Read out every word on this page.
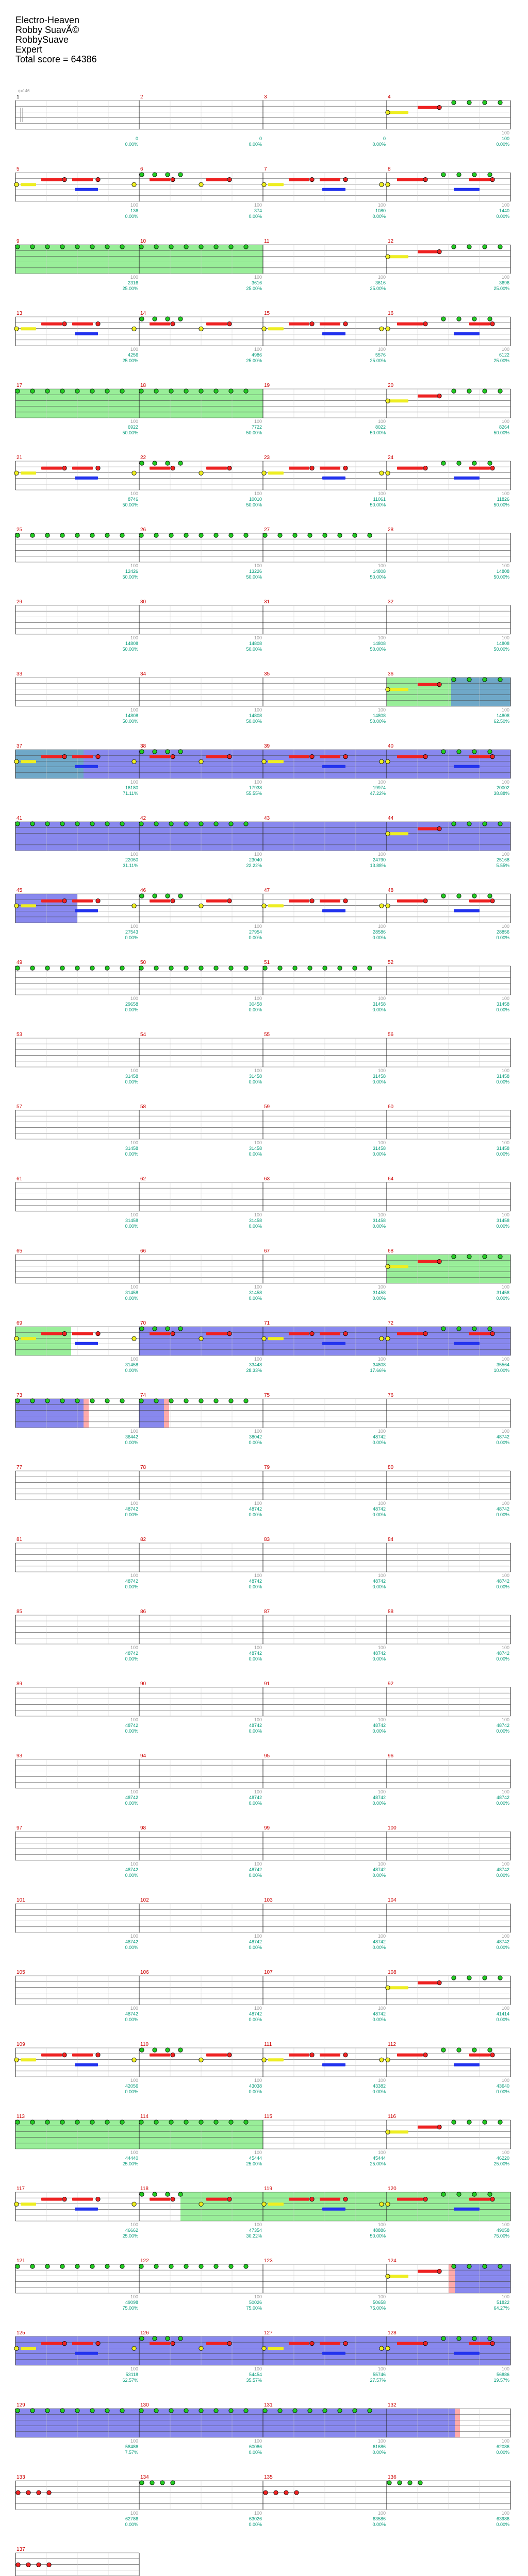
Electro-Heaven
Robby SuavÃ©
RobbySuave
Expert
Total score = 64386
q=146
1
0
0.00%
2
0
0.00%
3
0
0.00%
4
100
100
0.00%
5
100
136
0.00%
6
100
374
0.00%
7
100
1080
0.00%
8
100
1440
0.00%
9
100
2316
25.00%
10
100
3616
25.00%
11
100
3616
25.00%
12
100
3696
25.00%
13
100
4256
25.00%
14
100
4986
25.00%
15
100
5576
25.00%
16
100
6122
25.00%
17
100
6922
50.00%
18
100
7722
50.00%
19
100
8022
50.00%
20
100
8264
50.00%
21
100
8746
50.00%
22
100
10010
50.00%
23
100
11061
50.00%
24
100
11826
50.00%
25
100
12426
50.00%
26
100
13226
50.00%
27
100
14808
50.00%
28
100
14808
50.00%
29
100
14808
50.00%
30
100
14808
50.00%
31
100
14808
50.00%
32
100
14808
50.00%
33
100
14808
50.00%
34
100
14808
50.00%
35
100
14808
50.00%
36
100
14808
62.50%
37
100
16180
71.11%
38
100
17938
55.55%
39
100
19974
47.22%
40
100
20002
38.88%
41
100
22060
31.11%
42
100
23040
22.22%
43
100
24790
13.88%
44
100
25168
5.55%
45
100
27543
0.00%
46
100
27954
0.00%
47
100
28586
0.00%
48
100
28856
0.00%
49
100
29658
0.00%
50
100
30458
0.00%
51
100
31458
0.00%
52
100
31458
0.00%
53
100
31458
0.00%
54
100
31458
0.00%
55
100
31458
0.00%
56
100
31458
0.00%
57
100
31458
0.00%
58
100
31458
0.00%
59
100
31458
0.00%
60
100
31458
0.00%
61
100
31458
0.00%
62
100
31458
0.00%
63
100
31458
0.00%
64
100
31458
0.00%
65
100
31458
0.00%
66
100
31458
0.00%
67
100
31458
0.00%
68
100
31458
0.00%
69
100
31458
0.00%
70
100
33448
28.33%
71
100
34808
17.66%
72
100
35564
10.00%
73
100
36442
0.00%
74
100
38042
0.00%
75
100
48742
0.00%
76
100
48742
0.00%
77
100
48742
0.00%
78
100
48742
0.00%
79
100
48742
0.00%
80
100
48742
0.00%
81
100
48742
0.00%
82
100
48742
0.00%
83
100
48742
0.00%
84
100
48742
0.00%
85
100
48742
0.00%
86
100
48742
0.00%
87
100
48742
0.00%
88
100
48742
0.00%
89
100
48742
0.00%
90
100
48742
0.00%
91
100
48742
0.00%
92
100
48742
0.00%
93
100
48742
0.00%
94
100
48742
0.00%
95
100
48742
0.00%
96
100
48742
0.00%
97
100
48742
0.00%
98
100
48742
0.00%
99
100
48742
0.00%
100
100
48742
0.00%
101
100
48742
0.00%
102
100
48742
0.00%
103
100
48742
0.00%
104
100
48742
0.00%
105
100
48742
0.00%
106
100
48742
0.00%
107
100
48742
0.00%
108
100
41414
0.00%
109
100
42056
0.00%
110
100
43038
0.00%
111
100
43382
0.00%
112
100
43640
0.00%
113
100
44440
25.00%
114
100
45444
25.00%
115
100
45444
25.00%
116
100
46220
25.00%
117
100
46662
25.00%
118
100
47354
30.22%
119
100
48886
50.00%
120
100
49058
75.00%
121
100
49098
75.00%
122
100
50026
75.00%
123
100
50658
75.00%
124
100
51822
64.27%
125
100
53118
62.57%
126
100
54454
35.57%
127
100
55746
27.57%
128
100
56886
19.57%
129
100
58486
7.57%
130
100
60086
0.00%
131
100
61686
0.00%
132
100
62086
0.00%
133
100
62786
0.00%
134
100
63026
0.00%
135
100
63586
0.00%
136
100
63986
0.00%
137
